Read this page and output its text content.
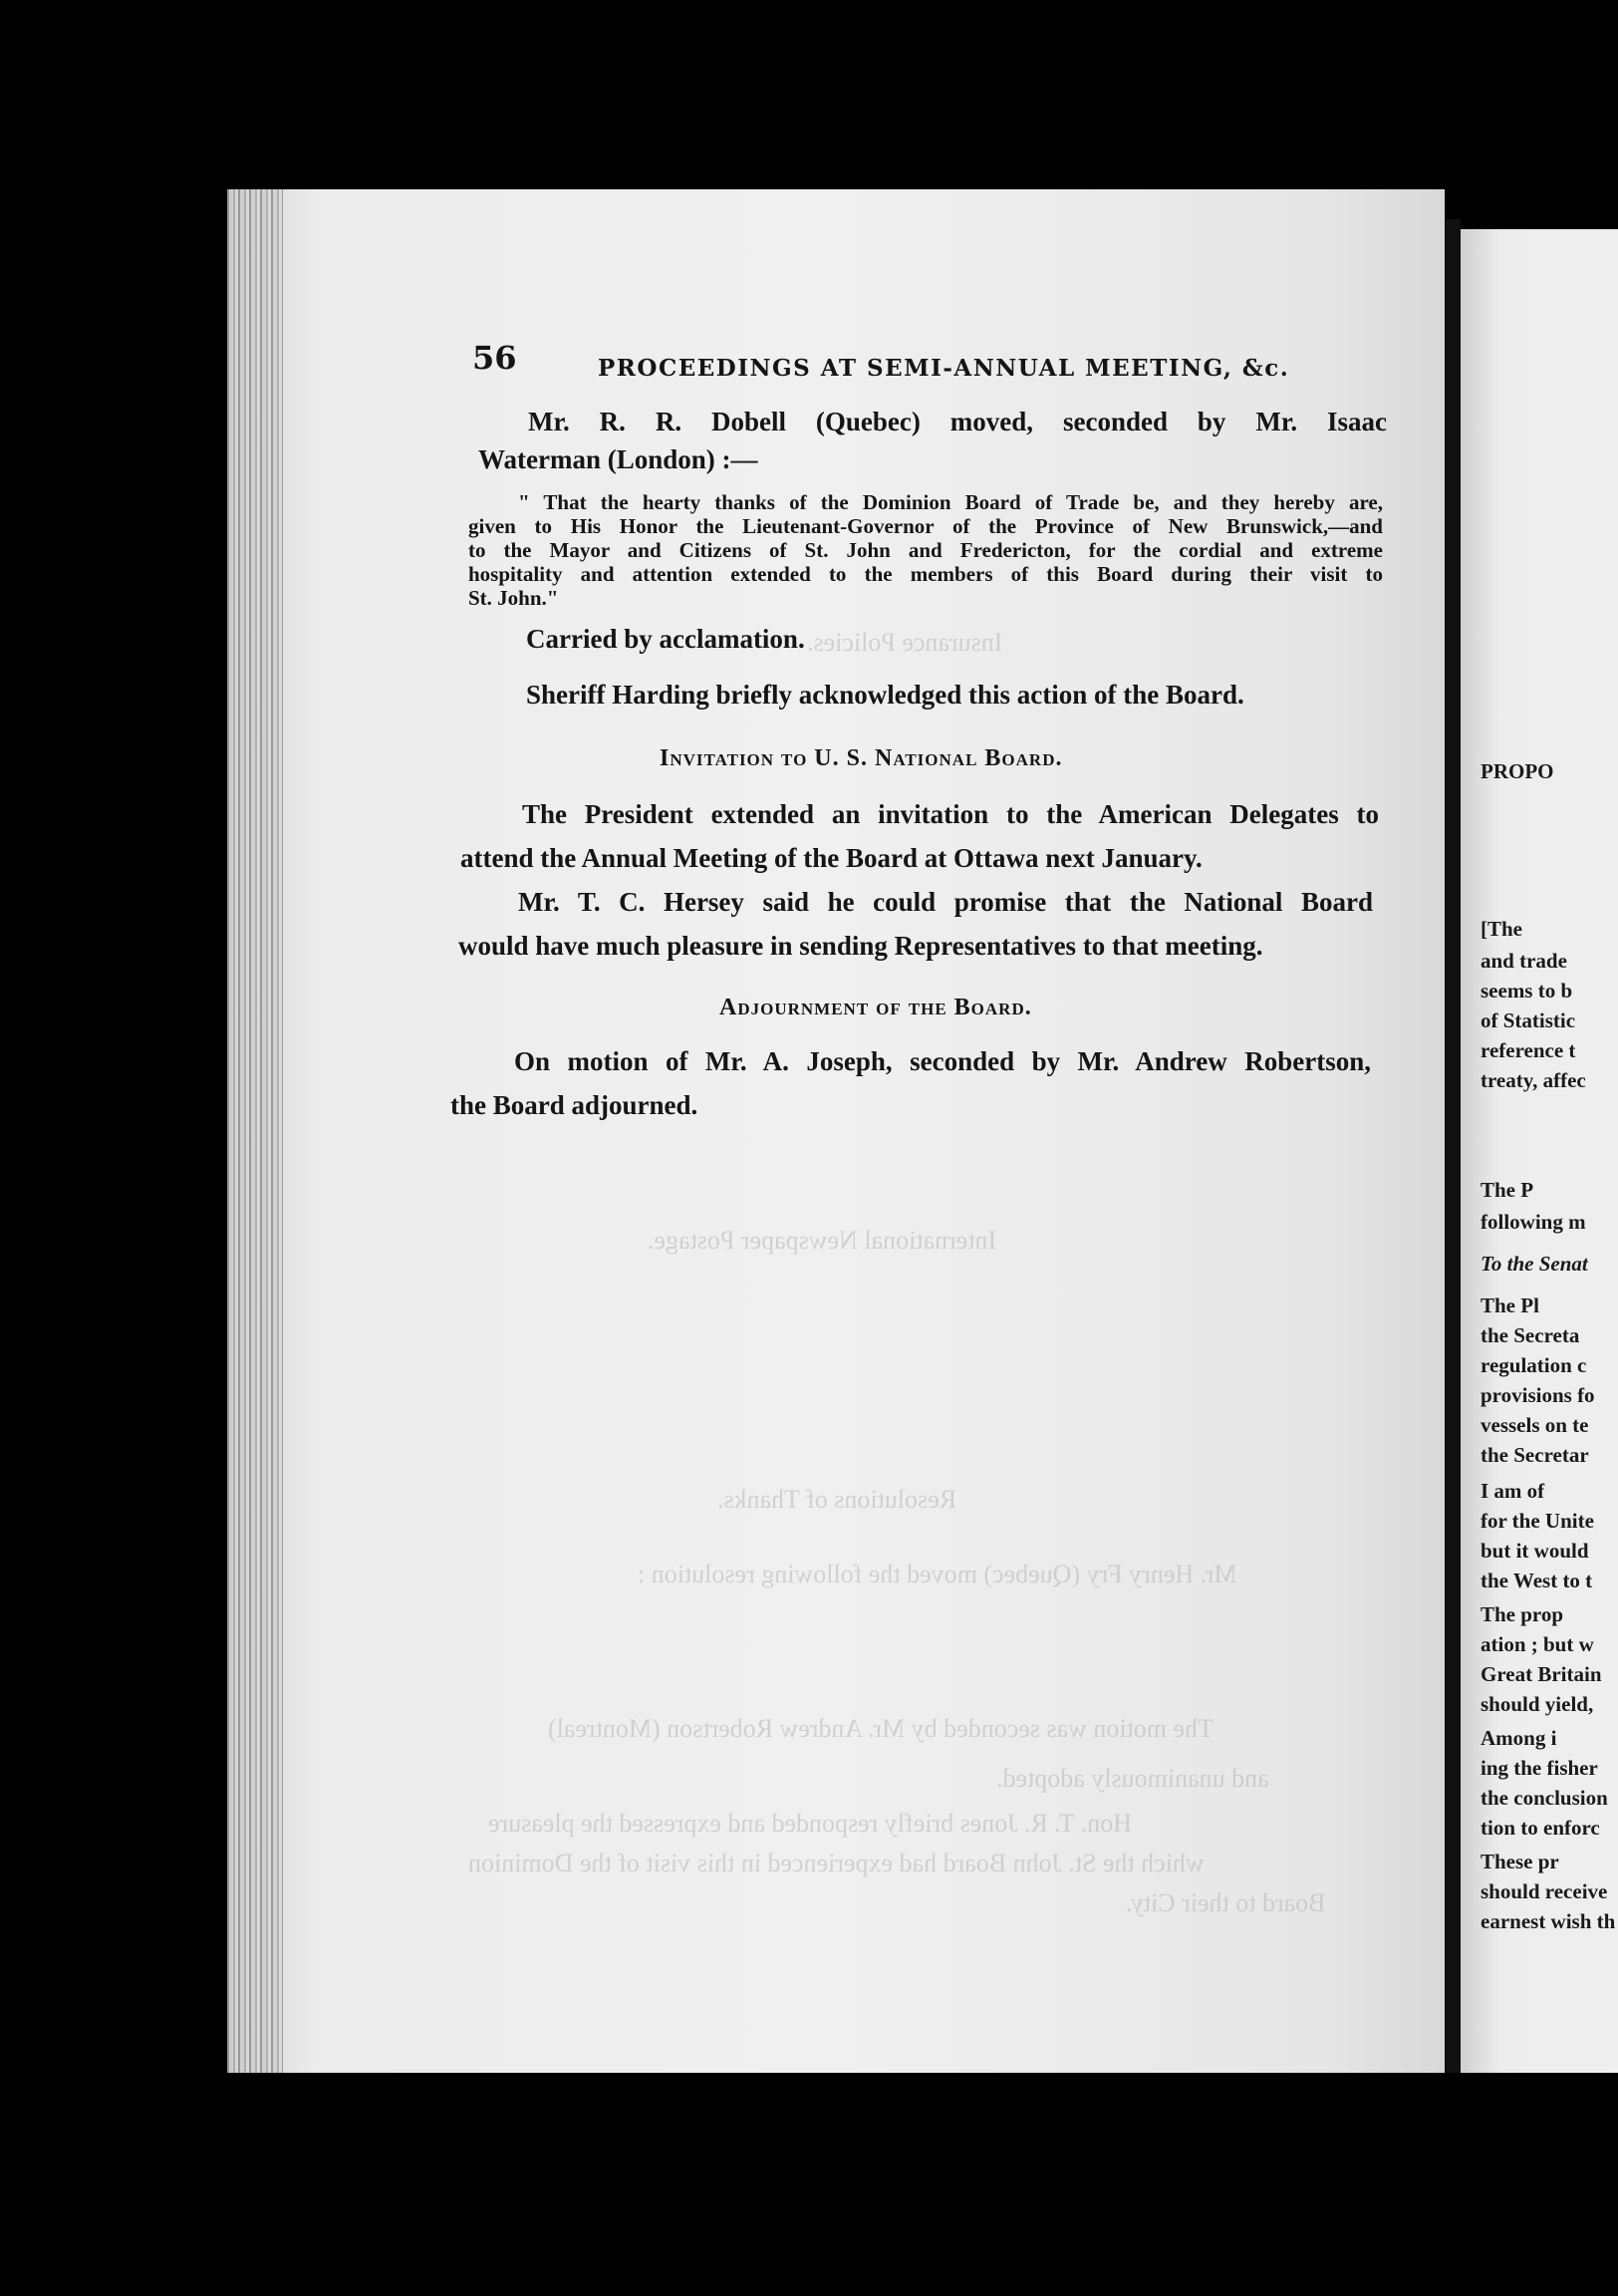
Insurance Policies.
International Newspaper Postage.
Resolutions of Thanks.
Mr. Henry Fry (Quebec) moved the following resolution :
The motion was seconded by Mr. Andrew Robertson (Montreal)
and unanimously adopted.
Hon. T. R. Jones briefly responded and expressed the pleasure
which the St. John Board had experienced in this visit of the Dominion
Board to their City.
56	PROCEEDINGS AT SEMI-ANNUAL MEETING, &c.
Mr. R. R. Dobell (Quebec) moved, seconded by Mr. Isaac
Waterman (London) :—
" That the hearty thanks of the Dominion Board of Trade be, and they hereby are,
given to His Honor the Lieutenant-Governor of the Province of New Brunswick,—and
to the Mayor and Citizens of St. John and Fredericton, for the cordial and extreme
hospitality and attention extended to the members of this Board during their visit to
St. John."
Carried by acclamation.
Sheriff Harding briefly acknowledged this action of the Board.
Invitation to U. S. National Board.
The President extended an invitation to the American Delegates to
attend the Annual Meeting of the Board at Ottawa next January.
Mr. T. C. Hersey said he could promise that the National Board
would have much pleasure in sending Representatives to that meeting.
Adjournment of the Board.
On motion of Mr. A. Joseph, seconded by Mr. Andrew Robertson,
the Board adjourned.
PROPO
[The
and trade
seems to b
of Statistic
reference t
treaty, affec
The P
following m
To the Senat
The Pl
the Secreta
regulation c
provisions fo
vessels on te
the Secretar
I am of
for the Unite
but it would
the West to t
The prop
ation ; but w
Great Britain
should yield,
Among i
ing the fisher
the conclusion
tion to enforc
These pr
should receive
earnest wish th
